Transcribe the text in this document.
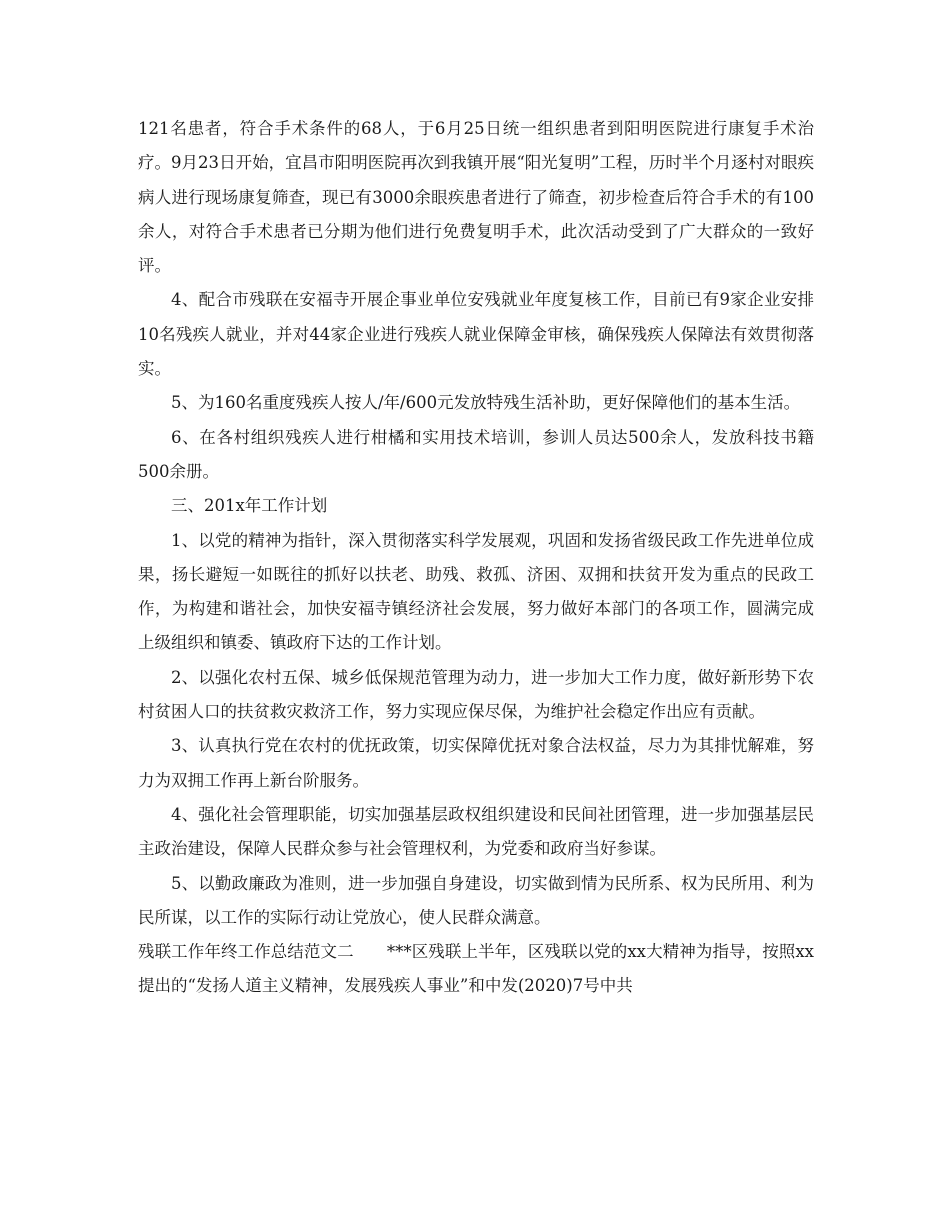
121名患者，符合手术条件的68人，于6月25日统一组织患者到阳明医院进行康复手术治疗。9月23日开始，宜昌市阳明医院再次到我镇开展“阳光复明”工程，历时半个月逐村对眼疾病人进行现场康复筛查，现已有3000余眼疾患者进行了筛查，初步检查后符合手术的有100余人，对符合手术患者已分期为他们进行免费复明手术，此次活动受到了广大群众的一致好评。

4、配合市残联在安福寺开展企事业单位安残就业年度复核工作，目前已有9家企业安排10名残疾人就业，并对44家企业进行残疾人就业保障金审核，确保残疾人保障法有效贯彻落实。

5、为160名重度残疾人按人/年/600元发放特残生活补助，更好保障他们的基本生活。

6、在各村组织残疾人进行柑橘和实用技术培训，参训人员达500余人，发放科技书籍500余册。

三、201x年工作计划

1、以党的精神为指针，深入贯彻落实科学发展观，巩固和发扬省级民政工作先进单位成果，扬长避短一如既往的抓好以扶老、助残、救孤、济困、双拥和扶贫开发为重点的民政工作，为构建和谐社会，加快安福寺镇经济社会发展，努力做好本部门的各项工作，圆满完成上级组织和镇委、镇政府下达的工作计划。

2、以强化农村五保、城乡低保规范管理为动力，进一步加大工作力度，做好新形势下农村贫困人口的扶贫救灾救济工作，努力实现应保尽保，为维护社会稳定作出应有贡献。

3、认真执行党在农村的优抚政策，切实保障优抚对象合法权益，尽力为其排忧解难，努力为双拥工作再上新台阶服务。

4、强化社会管理职能，切实加强基层政权组织建设和民间社团管理，进一步加强基层民主政治建设，保障人民群众参与社会管理权利，为党委和政府当好参谋。

5、以勤政廉政为准则，进一步加强自身建设，切实做到情为民所系、权为民所用、利为民所谋，以工作的实际行动让党放心，使人民群众满意。

残联工作年终工作总结范文二　　***区残联上半年，区残联以党的xx大精神为指导，按照xx提出的“发扬人道主义精神，发展残疾人事业”和中发(2020)7号中共
